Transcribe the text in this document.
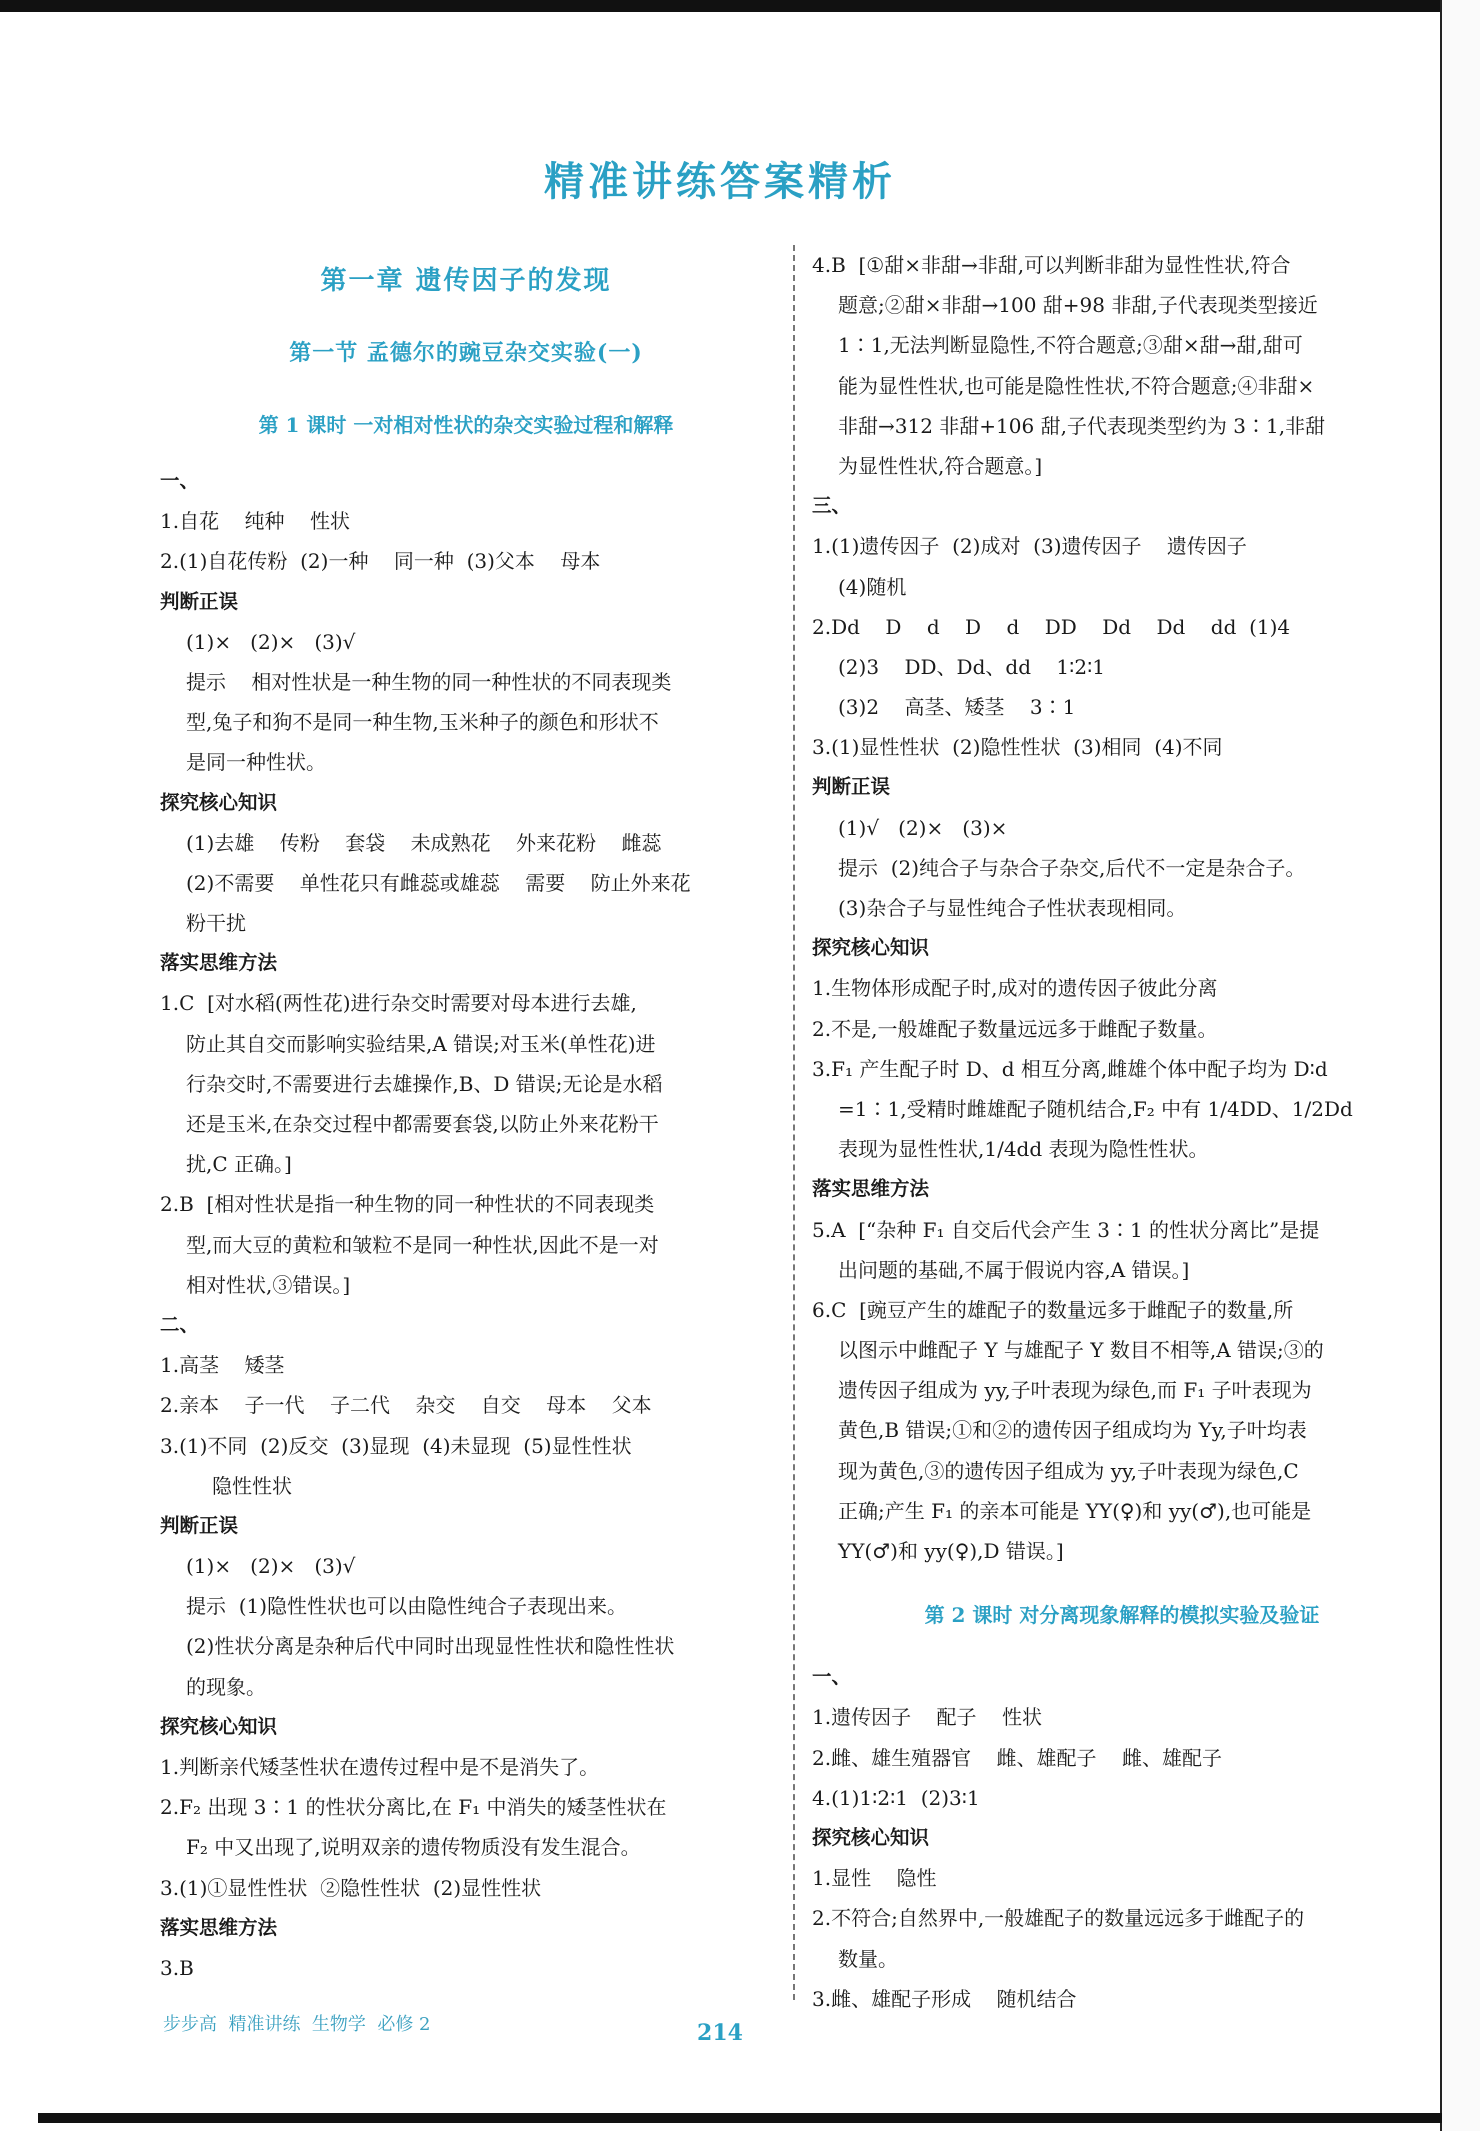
精准讲练答案精析
第一章 遗传因子的发现
第一节 孟德尔的豌豆杂交实验(一)
第 1 课时 一对相对性状的杂交实验过程和解释
一、
1.自花    纯种    性状
2.(1)自花传粉  (2)一种    同一种  (3)父本    母本
判断正误
(1)×   (2)×   (3)√
提示    相对性状是一种生物的同一种性状的不同表现类
型,兔子和狗不是同一种生物,玉米种子的颜色和形状不
是同一种性状。
探究核心知识
(1)去雄    传粉    套袋    未成熟花    外来花粉    雌蕊
(2)不需要    单性花只有雌蕊或雄蕊    需要    防止外来花
粉干扰
落实思维方法
1.C  [对水稻(两性花)进行杂交时需要对母本进行去雄,
防止其自交而影响实验结果,A 错误;对玉米(单性花)进
行杂交时,不需要进行去雄操作,B、D 错误;无论是水稻
还是玉米,在杂交过程中都需要套袋,以防止外来花粉干
扰,C 正确。]
2.B  [相对性状是指一种生物的同一种性状的不同表现类
型,而大豆的黄粒和皱粒不是同一种性状,因此不是一对
相对性状,③错误。]
二、
1.高茎    矮茎
2.亲本    子一代    子二代    杂交    自交    母本    父本
3.(1)不同  (2)反交  (3)显现  (4)未显现  (5)显性性状
隐性性状
判断正误
(1)×   (2)×   (3)√
提示  (1)隐性性状也可以由隐性纯合子表现出来。
(2)性状分离是杂种后代中同时出现显性性状和隐性性状
的现象。
探究核心知识
1.判断亲代矮茎性状在遗传过程中是不是消失了。
2.F₂ 出现 3∶1 的性状分离比,在 F₁ 中消失的矮茎性状在
F₂ 中又出现了,说明双亲的遗传物质没有发生混合。
3.(1)①显性性状  ②隐性性状  (2)显性性状
落实思维方法
3.B
4.B  [①甜×非甜→非甜,可以判断非甜为显性性状,符合
题意;②甜×非甜→100 甜+98 非甜,子代表现类型接近
1∶1,无法判断显隐性,不符合题意;③甜×甜→甜,甜可
能为显性性状,也可能是隐性性状,不符合题意;④非甜×
非甜→312 非甜+106 甜,子代表现类型约为 3∶1,非甜
为显性性状,符合题意。]
三、
1.(1)遗传因子  (2)成对  (3)遗传因子    遗传因子
(4)随机
2.Dd    D    d    D    d    DD    Dd    Dd    dd  (1)4
(2)3    DD、Dd、dd    1∶2∶1
(3)2    高茎、矮茎    3∶1
3.(1)显性性状  (2)隐性性状  (3)相同  (4)不同
判断正误
(1)√   (2)×   (3)×
提示  (2)纯合子与杂合子杂交,后代不一定是杂合子。
(3)杂合子与显性纯合子性状表现相同。
探究核心知识
1.生物体形成配子时,成对的遗传因子彼此分离
2.不是,一般雄配子数量远远多于雌配子数量。
3.F₁ 产生配子时 D、d 相互分离,雌雄个体中配子均为 D∶d
=1∶1,受精时雌雄配子随机结合,F₂ 中有 1/4DD、1/2Dd
表现为显性性状,1/4dd 表现为隐性性状。
落实思维方法
5.A  [“杂种 F₁ 自交后代会产生 3∶1 的性状分离比”是提
出问题的基础,不属于假说内容,A 错误。]
6.C  [豌豆产生的雄配子的数量远多于雌配子的数量,所
以图示中雌配子 Y 与雄配子 Y 数目不相等,A 错误;③的
遗传因子组成为 yy,子叶表现为绿色,而 F₁ 子叶表现为
黄色,B 错误;①和②的遗传因子组成均为 Yy,子叶均表
现为黄色,③的遗传因子组成为 yy,子叶表现为绿色,C
正确;产生 F₁ 的亲本可能是 YY(♀)和 yy(♂),也可能是
YY(♂)和 yy(♀),D 错误。]
第 2 课时 对分离现象解释的模拟实验及验证
一、
1.遗传因子    配子    性状
2.雌、雄生殖器官    雌、雄配子    雌、雄配子
4.(1)1∶2∶1  (2)3∶1
探究核心知识
1.显性    隐性
2.不符合;自然界中,一般雄配子的数量远远多于雌配子的
数量。
3.雌、雄配子形成    随机结合
步步高  精准讲练  生物学  必修 2	214
